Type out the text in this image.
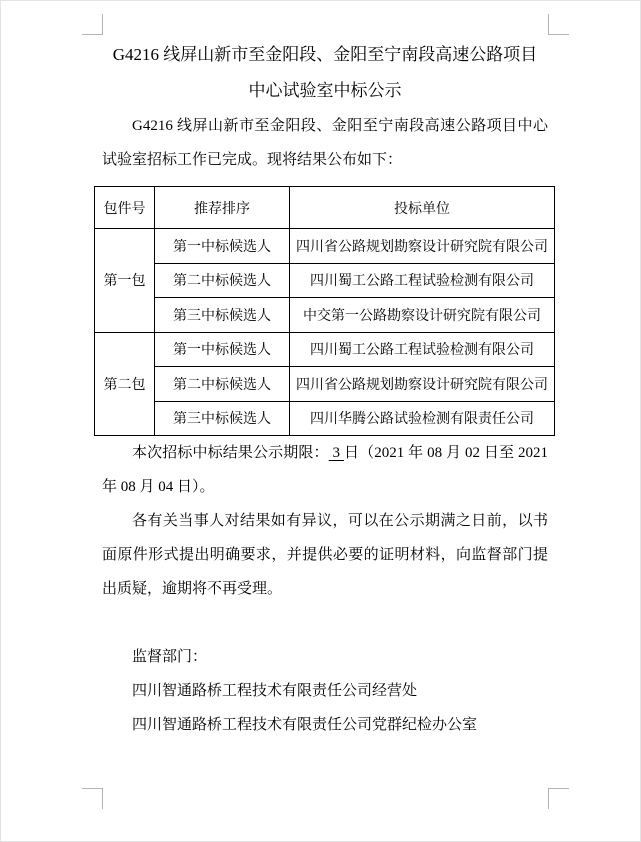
G4216 线屏山新市至金阳段、金阳至宁南段高速公路项目
中心试验室中标公示

G4216 线屏山新市至金阳段、金阳至宁南段高速公路项目中心试验室招标工作已完成。现将结果公布如下：

包件号	推荐排序	投标单位
第一包	第一中标候选人	四川省公路规划勘察设计研究院有限公司
	第二中标候选人	四川蜀工公路工程试验检测有限公司
	第三中标候选人	中交第一公路勘察设计研究院有限公司
第二包	第一中标候选人	四川蜀工公路工程试验检测有限公司
	第二中标候选人	四川省公路规划勘察设计研究院有限公司
	第三中标候选人	四川华腾公路试验检测有限责任公司

本次招标中标结果公示期限： 3 日（2021 年 08 月 02 日至 2021 年 08 月 04 日）。

各有关当事人对结果如有异议，可以在公示期满之日前，以书面原件形式提出明确要求，并提供必要的证明材料，向监督部门提出质疑，逾期将不再受理。

监督部门：

四川智通路桥工程技术有限责任公司经营处

四川智通路桥工程技术有限责任公司党群纪检办公室
